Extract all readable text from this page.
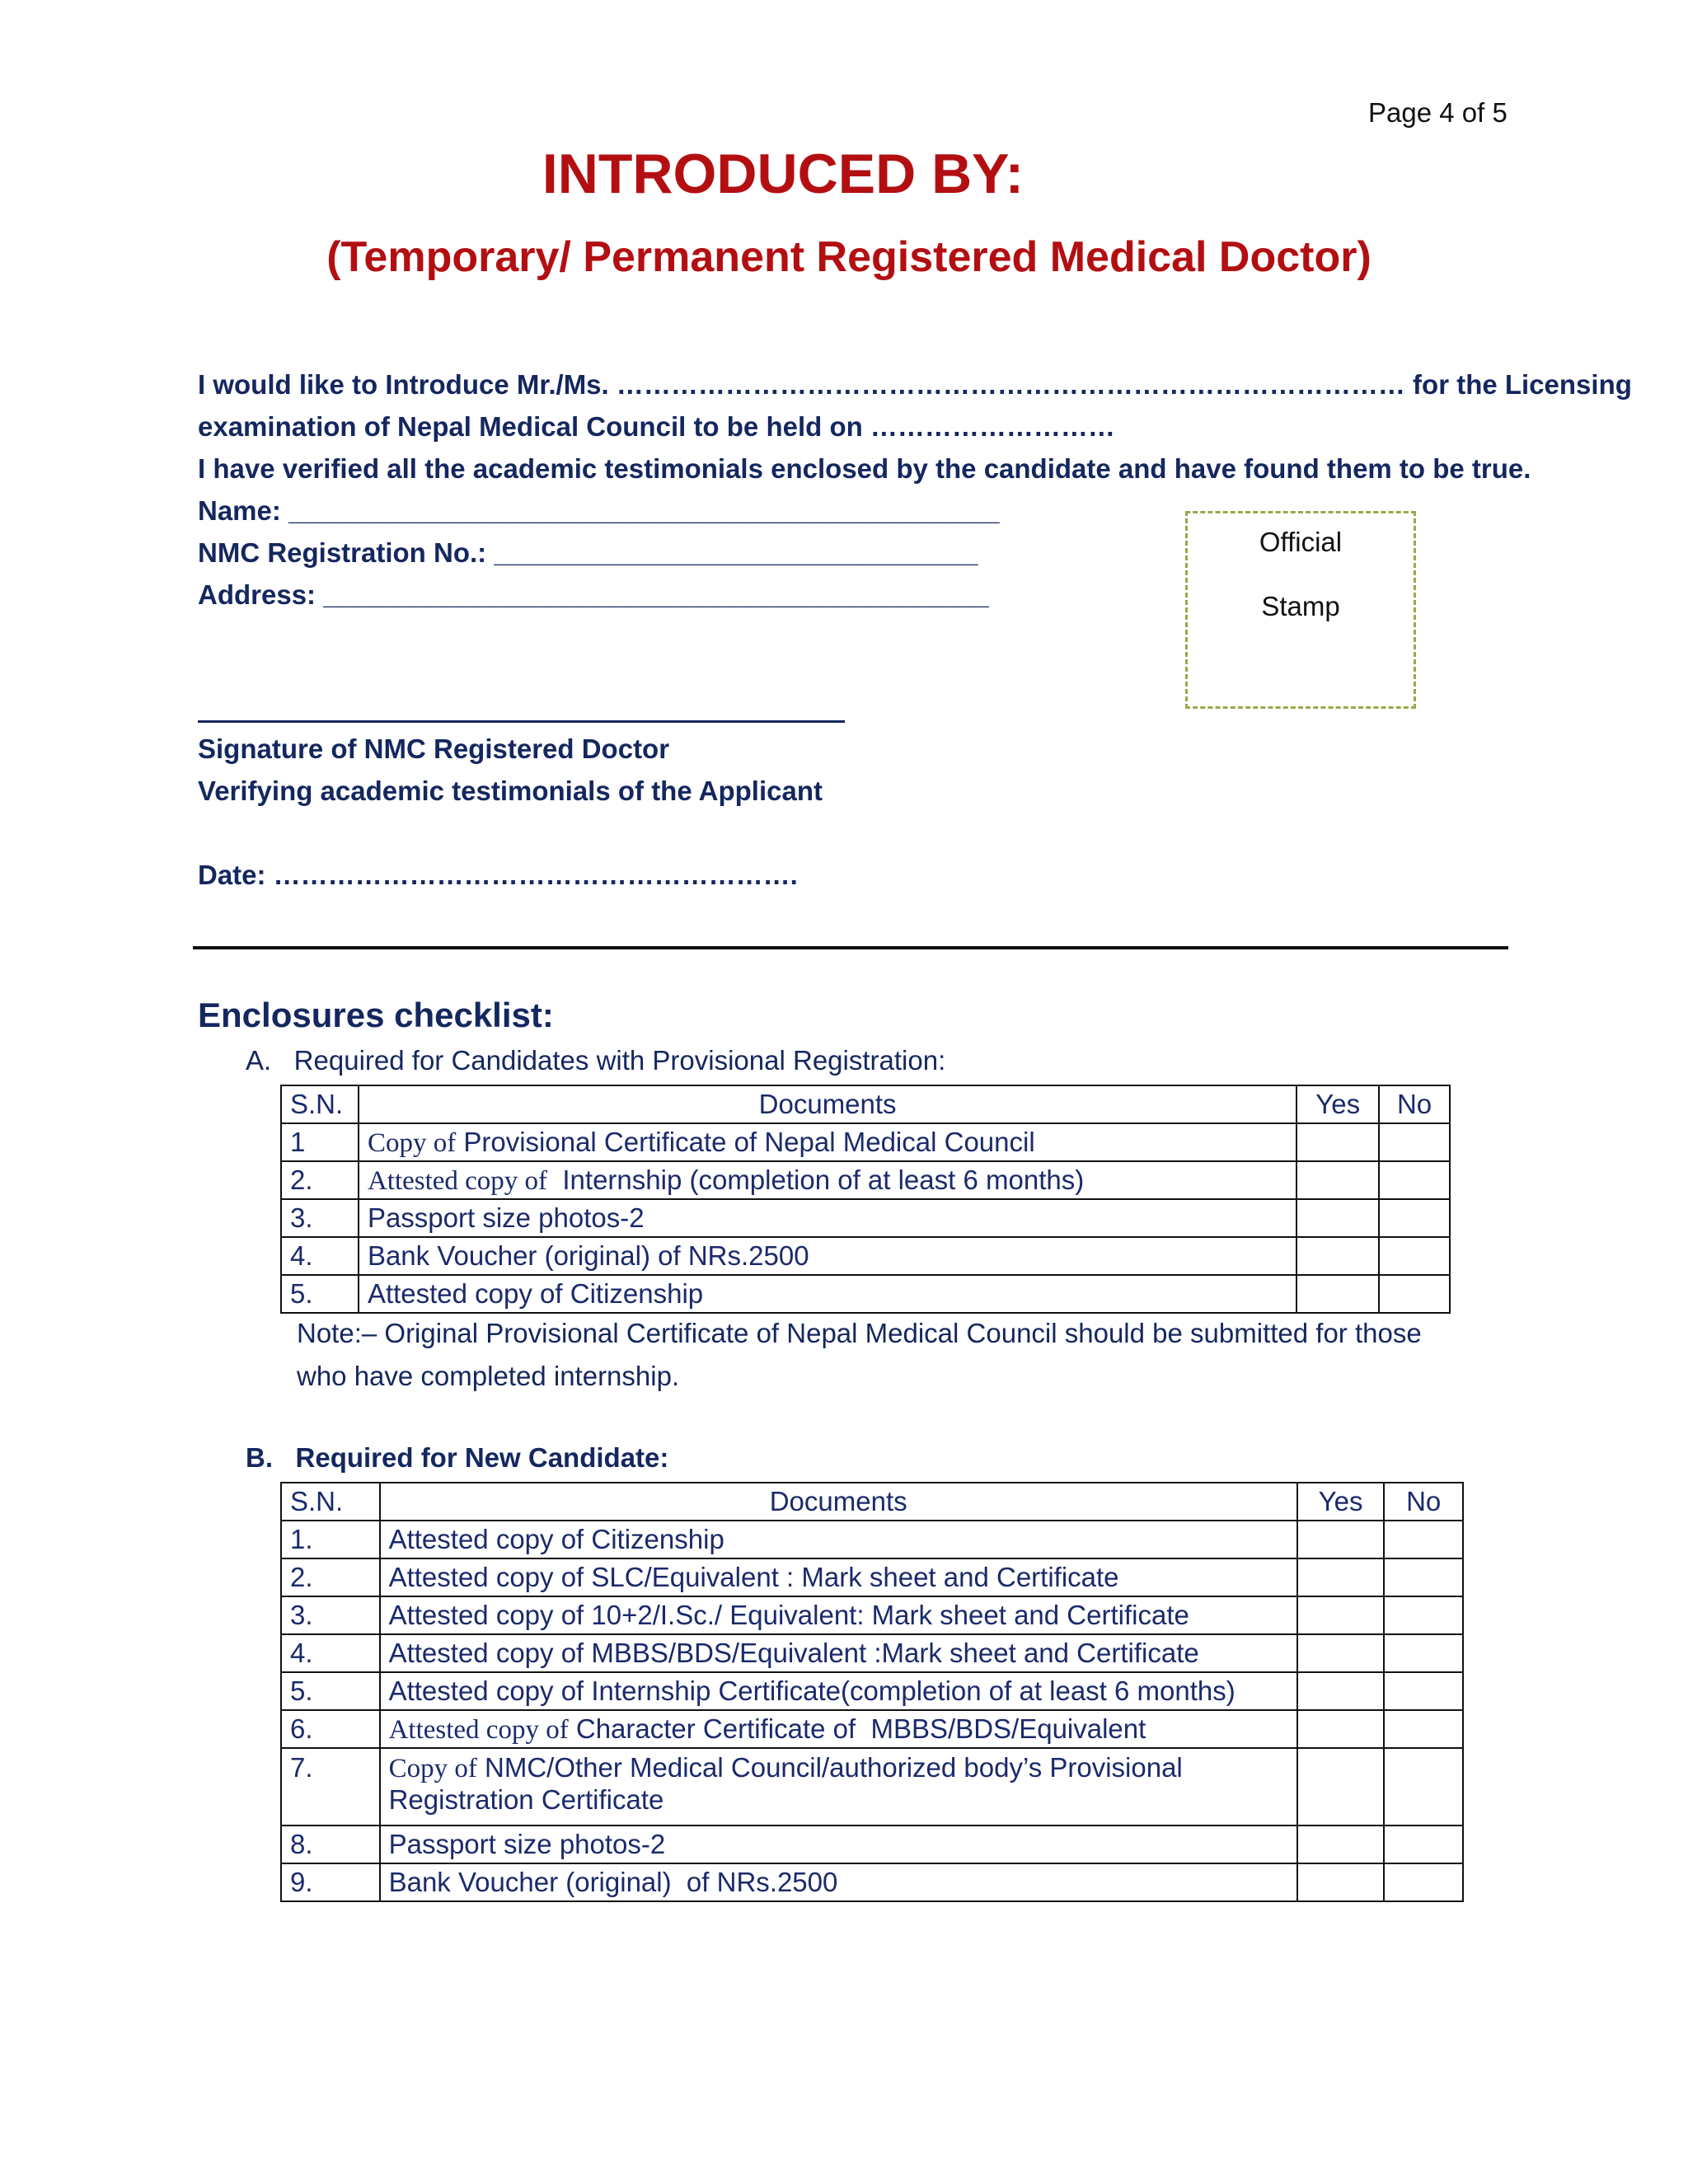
Page 4 of 5
INTRODUCED BY:
(Temporary/ Permanent Registered Medical Doctor)
I would like to Introduce Mr./Ms. …………………………………………………………………………… for the Licensing
examination of Nepal Medical Council to be held on ………………………
I have verified all the academic testimonials enclosed by the candidate and have found them to be true.
Name: _______________________________________________
NMC Registration No.: ________________________________
Address: ____________________________________________
Official
Stamp
Signature of NMC Registered Doctor
Verifying academic testimonials of the Applicant
Date: ………………………………………………….
Enclosures checklist:
A.   Required for Candidates with Provisional Registration:
S.N.	Documents	Yes	No
1	Copy of Provisional Certificate of Nepal Medical Council		
2.	Attested copy of  Internship (completion of at least 6 months)		
3.	Passport size photos-2		
4.	Bank Voucher (original) of NRs.2500		
5.	Attested copy of Citizenship		
Note:– Original Provisional Certificate of Nepal Medical Council should be submitted for those
who have completed internship.
B.   Required for New Candidate:
S.N.	Documents	Yes	No
1.	Attested copy of Citizenship		
2.	Attested copy of SLC/Equivalent : Mark sheet and Certificate		
3.	Attested copy of 10+2/I.Sc./ Equivalent: Mark sheet and Certificate		
4.	Attested copy of MBBS/BDS/Equivalent :Mark sheet and Certificate		
5.	Attested copy of Internship Certificate(completion of at least 6 months)		
6.	Attested copy of Character Certificate of  MBBS/BDS/Equivalent		
7.	Copy of NMC/Other Medical Council/authorized body’s Provisional
Registration Certificate		
8.	Passport size photos-2		
9.	Bank Voucher (original)  of NRs.2500		
